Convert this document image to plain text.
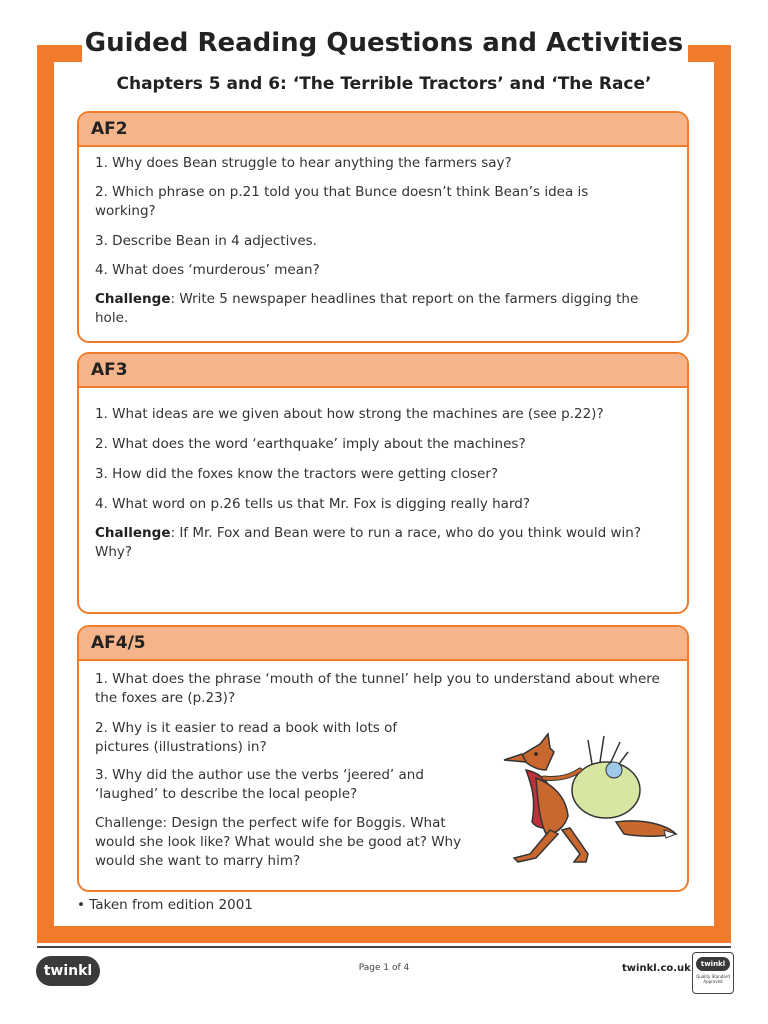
Guided Reading Questions and Activities
Chapters 5 and 6: ‘The Terrible Tractors’ and ‘The Race’
AF2
1. Why does Bean struggle to hear anything the farmers say?
2. Which phrase on p.21 told you that Bunce doesn’t think Bean’s idea is working?
3. Describe Bean in 4 adjectives.
4. What does ‘murderous’ mean?
Challenge: Write 5 newspaper headlines that report on the farmers digging the hole.
AF3
1. What ideas are we given about how strong the machines are (see p.22)?
2. What does the word ‘earthquake’ imply about the machines?
3. How did the foxes know the tractors were getting closer?
4. What word on p.26 tells us that Mr. Fox is digging really hard?
Challenge: If Mr. Fox and Bean were to run a race, who do you think would win? Why?
AF4/5
1. What does the phrase ‘mouth of the tunnel’ help you to understand about where the foxes are (p.23)?
2. Why is it easier to read a book with lots of pictures (illustrations) in?
3. Why did the author use the verbs ‘jeered’ and ‘laughed’ to describe the local people?
Challenge: Design the perfect wife for Boggis. What would she look like? What would she be good at? Why would she want to marry him?
• Taken from edition 2001
twinkl	Page 1 of 4	twinkl.co.uk	twinkl
Quality Standard Approved
